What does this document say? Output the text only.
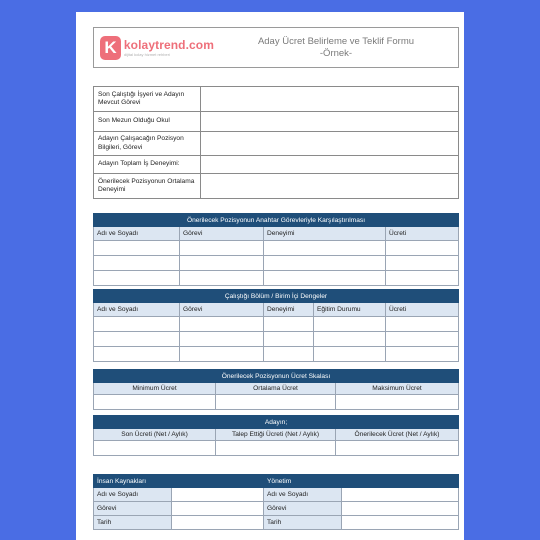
K kolaytrend.com
dijital kolay hizmet rehberi
Aday Ücret Belirleme ve Teklif Formu
-Örnek-
Son Çalıştığı İşyeri ve Adayın Mevcut Görevi	
Son Mezun Olduğu Okul	
Adayın Çalışacağın Pozisyon Bilgileri, Görevi	
Adayın Toplam İş Deneyimi:	
Önerilecek Pozisyonun Ortalama Deneyimi	
Önerilecek Pozisyonun Anahtar Görevleriyle Karşılaştırılması			
Adı ve Soyadı	Görevi	Deneyimi	Ücreti

Çalıştığı Bölüm / Birim İçi Dengeler				
Adı ve Soyadı	Görevi	Deneyimi	Eğitim Durumu	Ücreti

Önerilecek Pozisyonun Ücret Skalası		
Minimum Ücret	Ortalama Ücret	Maksimum Ücret

Adayın;		
Son Ücreti (Net / Aylık)	Talep Ettiği Ücreti (Net / Aylık)	Önerilecek Ücret (Net / Aylık)

İnsan Kaynakları		Yönetim	
Adı ve Soyadı		Adı ve Soyadı	
Görevi		Görevi	
Tarih		Tarih	
